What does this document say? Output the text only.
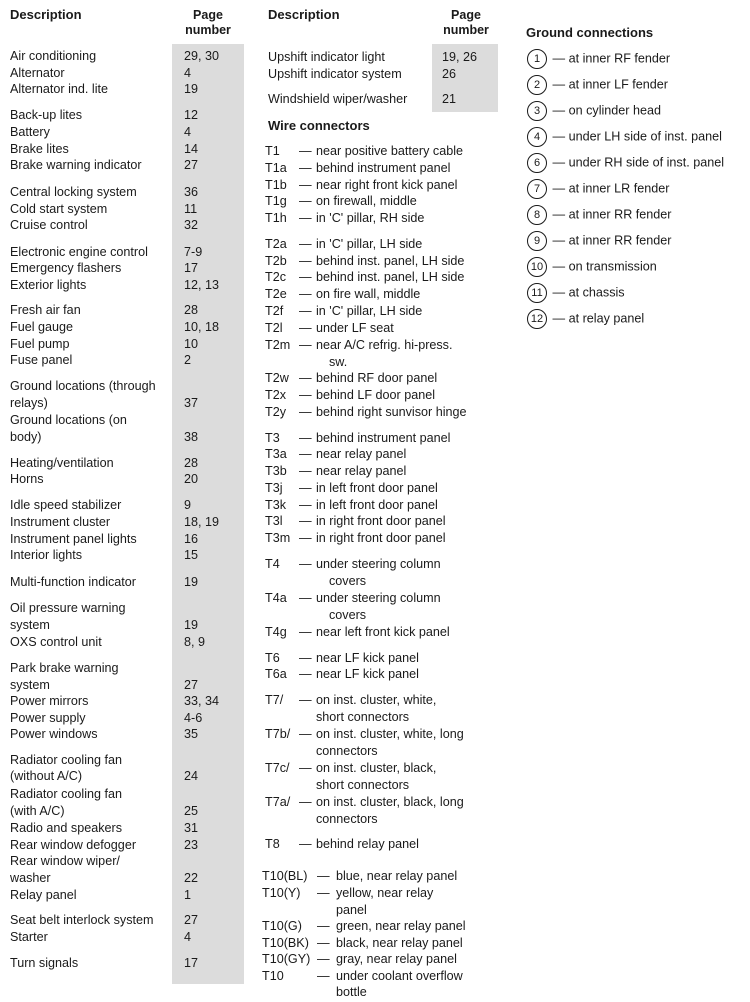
Description	Page number
Description	Page number
Air conditioning	29, 30
Alternator	4
Alternator ind. lite	19
Back-up lites	12
Battery	4
Brake lites	14
Brake warning indicator	27
Central locking system	36
Cold start system	11
Cruise control	32
Electronic engine control	7-9
Emergency flashers	17
Exterior lights	12, 13
Fresh air fan	28
Fuel gauge	10, 18
Fuel pump	10
Fuse panel	2
Ground locations (through
relays)	37
Ground locations (on
body)	38
Heating/ventilation	28
Horns	20
Idle speed stabilizer	9
Instrument cluster	18, 19
Instrument panel lights	16
Interior lights	15
Multi-function indicator	19
Oil pressure warning
system	19
OXS control unit	8, 9
Park brake warning
system	27
Power mirrors	33, 34
Power supply	4-6
Power windows	35
Radiator cooling fan
(without A/C)	24
Radiator cooling fan
(with A/C)	25
Radio and speakers	31
Rear window defogger	23
Rear window wiper/
washer	22
Relay panel	1
Seat belt interlock system 27
Starter	4
Turn signals	17
Upshift indicator light	19, 26
Upshift indicator system	26
Windshield wiper/washer	21
Wire connectors
T1 — near positive battery cable
T1a — behind instrument panel
T1b — near right front kick panel
T1g — on firewall, middle
T1h — in 'C' pillar, RH side
T2a — in 'C' pillar, LH side
T2b — behind inst. panel, LH side
T2c — behind inst. panel, LH side
T2e — on fire wall, middle
T2f — in 'C' pillar, LH side
T2l — under LF seat
T2m — near A/C refrig. hi-press.
sw.
T2w — behind RF door panel
T2x — behind LF door panel
T2y — behind right sunvisor hinge
T3 — behind instrument panel
T3a — near relay panel
T3b — near relay panel
T3j — in left front door panel
T3k — in left front door panel
T3l — in right front door panel
T3m — in right front door panel
T4 — under steering column
covers
T4a — under steering column
covers
T4g — near left front kick panel
T6 — near LF kick panel
T6a — near LF kick panel
T7/ — on inst. cluster, white,
short connectors
T7b/ — on inst. cluster, white, long
connectors
T7c/ — on inst. cluster, black,
short connectors
T7a/ — on inst. cluster, black, long
connectors
T8 — behind relay panel
T10(BL) — blue, near relay panel
T10(Y) — yellow, near relay
panel
T10(G) — green, near relay panel
T10(BK) — black, near relay panel
T10(GY) — gray, near relay panel
T10	— under coolant overflow
bottle
Ground connections
1 — at inner RF fender
2 — at inner LF fender
3 — on cylinder head
4 — under LH side of inst. panel
6 — under RH side of inst. panel
7 — at inner LR fender
8 — at inner RR fender
9 — at inner RR fender
10 — on transmission
11 — at chassis
12 — at relay panel
